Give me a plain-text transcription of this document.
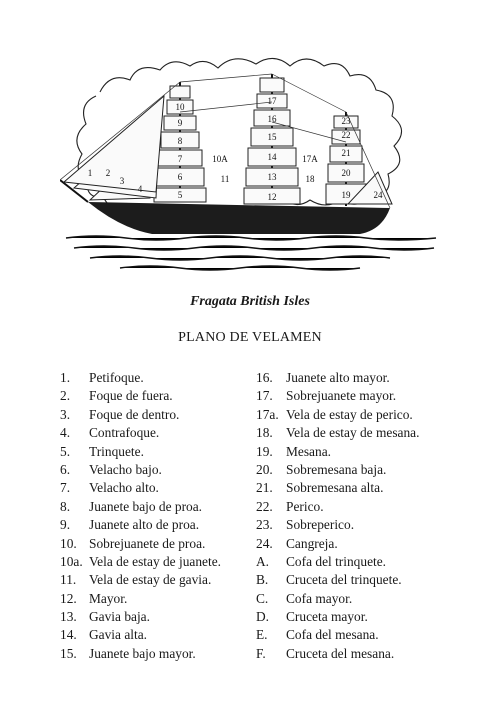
1 2
3
4
5
6
7
8
9
10
10A
11
12
13
14
15
16
17
17A
18
19
20
21
22
23
24
Fragata British Isles
PLANO DE VELAMEN
1.	Petifoque.
2.	Foque de fuera.
3.	Foque de dentro.
4.	Contrafoque.
5.	Trinquete.
6.	Velacho bajo.
7.	Velacho alto.
8.	Juanete bajo de proa.
9.	Juanete alto de proa.
10. Sobrejuanete de proa.
10a. Vela de estay de juanete.
11. Vela de estay de gavia.
12. Mayor.
13. Gavia baja.
14. Gavia alta.
15. Juanete bajo mayor.
16. Juanete alto mayor.
17. Sobrejuanete mayor.
17a. Vela de estay de perico.
18. Vela de estay de mesana.
19. Mesana.
20. Sobremesana baja.
21. Sobremesana alta.
22. Perico.
23. Sobreperico.
24. Cangreja.
A.	Cofa del trinquete.
B.	Cruceta del trinquete.
C.	Cofa mayor.
D.	Cruceta mayor.
E.	Cofa del mesana.
F.	Cruceta del mesana.
